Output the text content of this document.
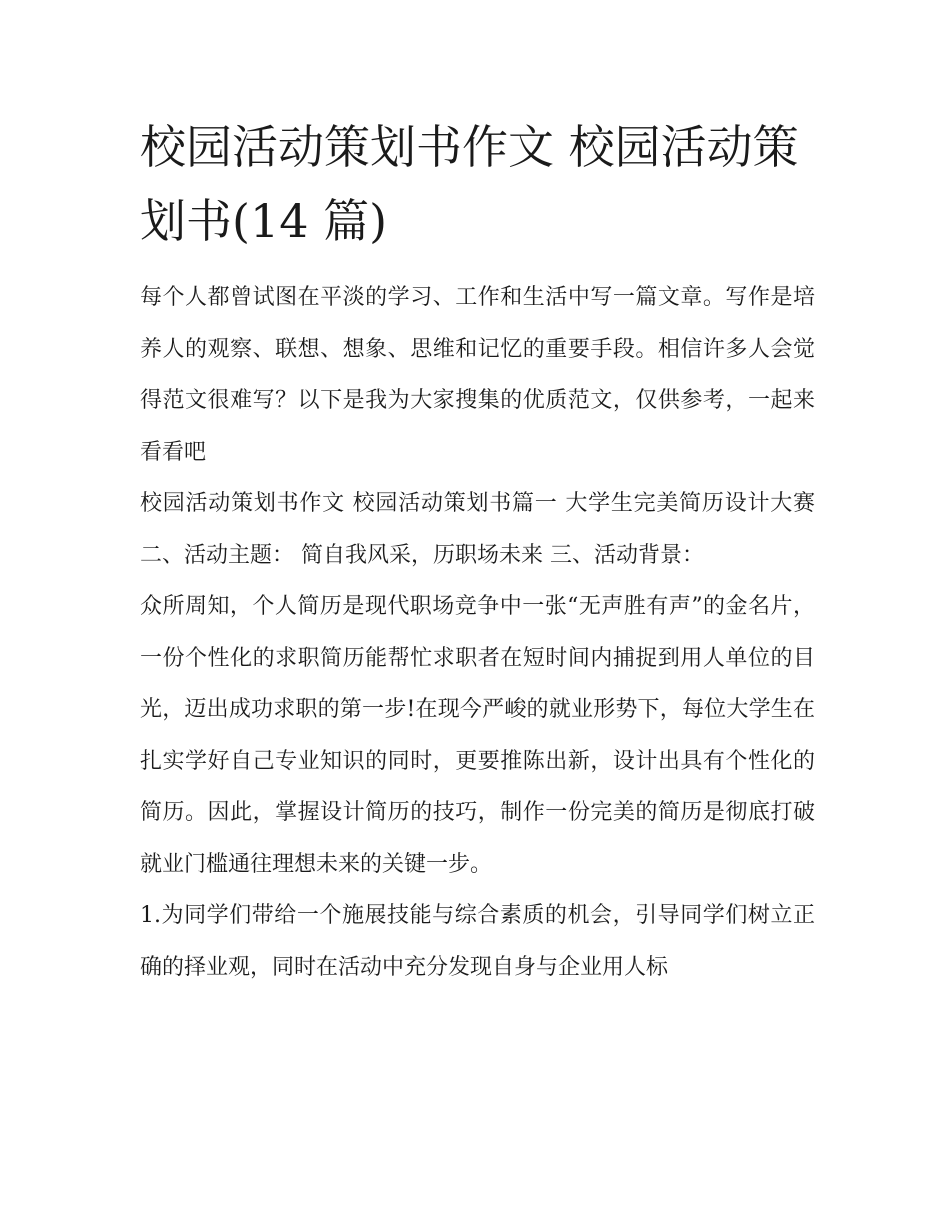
校园活动策划书作文 校园活动策划书(14 篇)

每个人都曾试图在平淡的学习、工作和生活中写一篇文章。写作是培养人的观察、联想、想象、思维和记忆的重要手段。相信许多人会觉得范文很难写？以下是我为大家搜集的优质范文，仅供参考，一起来看看吧

校园活动策划书作文 校园活动策划书篇一 大学生完美简历设计大赛 二、活动主题： 简自我风采，历职场未来 三、活动背景：

众所周知，个人简历是现代职场竞争中一张“无声胜有声”的金名片，一份个性化的求职简历能帮忙求职者在短时间内捕捉到用人单位的目光，迈出成功求职的第一步!在现今严峻的就业形势下，每位大学生在扎实学好自己专业知识的同时，更要推陈出新，设计出具有个性化的简历。因此，掌握设计简历的技巧，制作一份完美的简历是彻底打破就业门槛通往理想未来的关键一步。

1.为同学们带给一个施展技能与综合素质的机会，引导同学们树立正确的择业观，同时在活动中充分发现自身与企业用人标
